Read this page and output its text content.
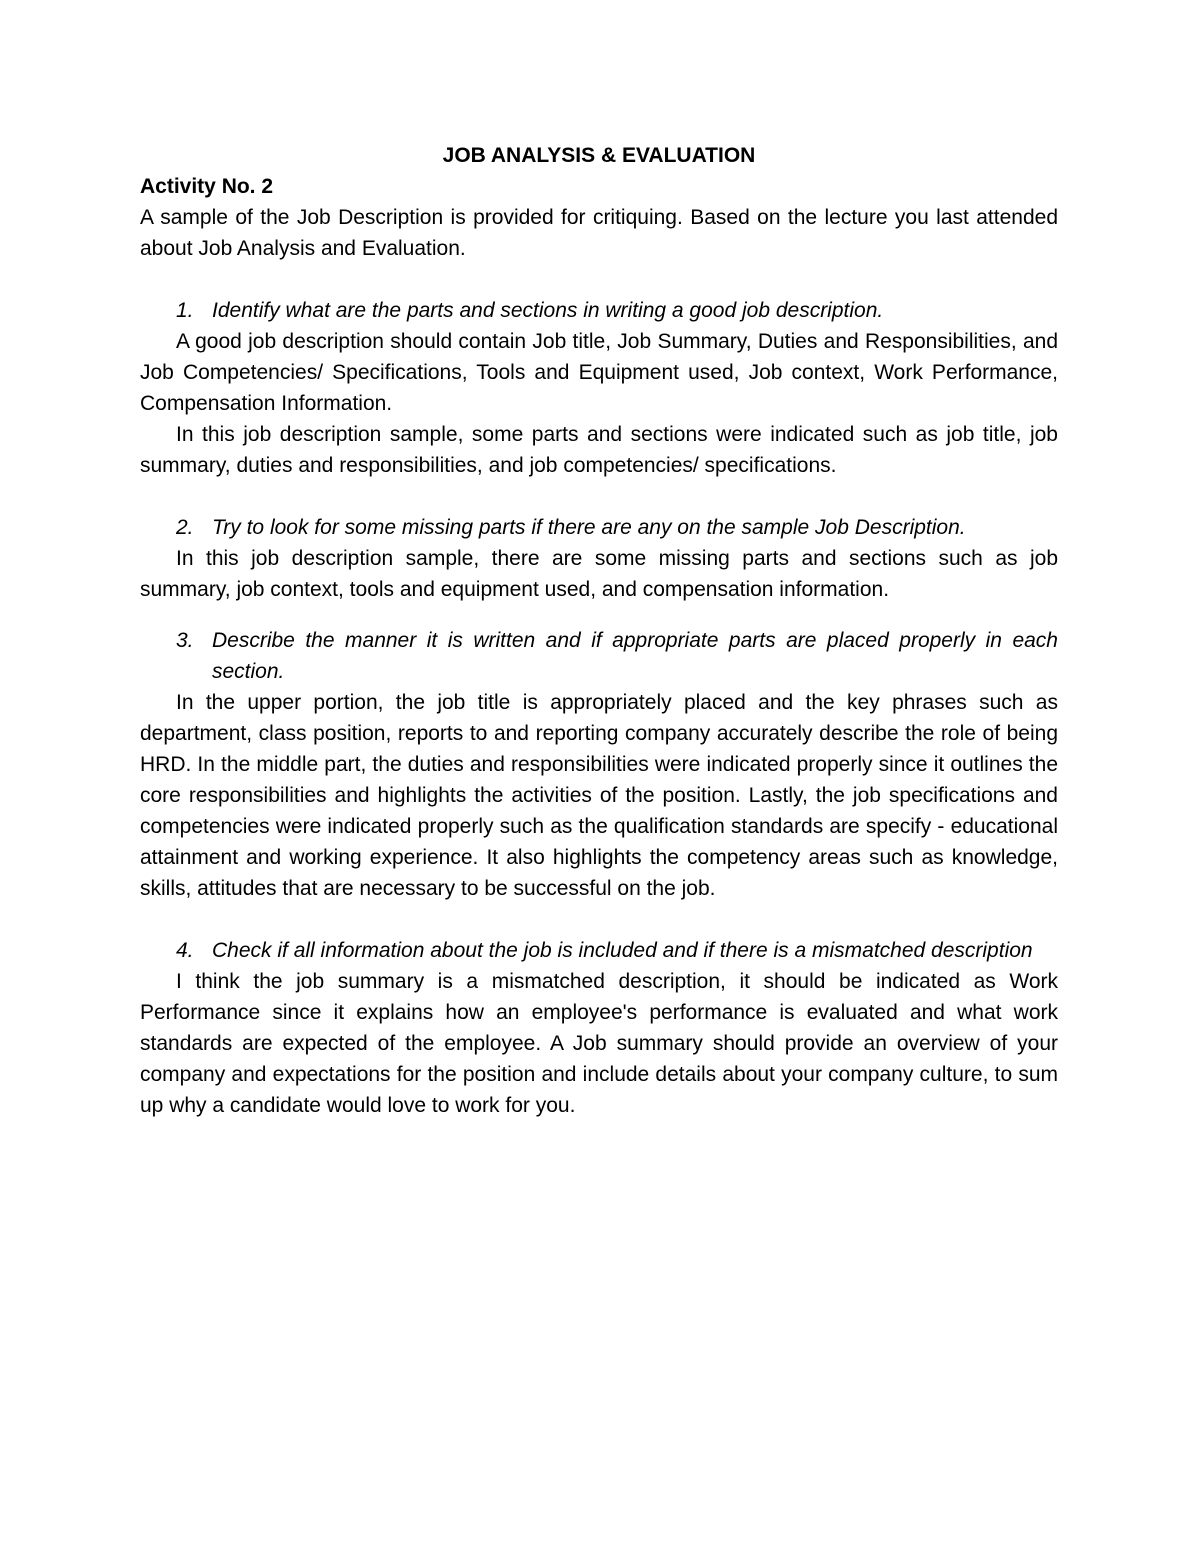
JOB ANALYSIS & EVALUATION

Activity No. 2

A sample of the Job Description is provided for critiquing. Based on the lecture you last attended about Job Analysis and Evaluation.

1. Identify what are the parts and sections in writing a good job description.

A good job description should contain Job title, Job Summary, Duties and Responsibilities, and Job Competencies/ Specifications, Tools and Equipment used, Job context, Work Performance, Compensation Information.

In this job description sample, some parts and sections were indicated such as job title, job summary, duties and responsibilities, and job competencies/ specifications.

2. Try to look for some missing parts if there are any on the sample Job Description.

In this job description sample, there are some missing parts and sections such as job summary, job context, tools and equipment used, and compensation information.

3. Describe the manner it is written and if appropriate parts are placed properly in each section.

In the upper portion, the job title is appropriately placed and the key phrases such as department, class position, reports to and reporting company accurately describe the role of being HRD. In the middle part, the duties and responsibilities were indicated properly since it outlines the core responsibilities and highlights the activities of the position. Lastly, the job specifications and competencies were indicated properly such as the qualification standards are specify - educational attainment and working experience. It also highlights the competency areas such as knowledge, skills, attitudes that are necessary to be successful on the job.

4. Check if all information about the job is included and if there is a mismatched description

I think the job summary is a mismatched description, it should be indicated as Work Performance since it explains how an employee's performance is evaluated and what work standards are expected of the employee. A Job summary should provide an overview of your company and expectations for the position and include details about your company culture, to sum up why a candidate would love to work for you.
